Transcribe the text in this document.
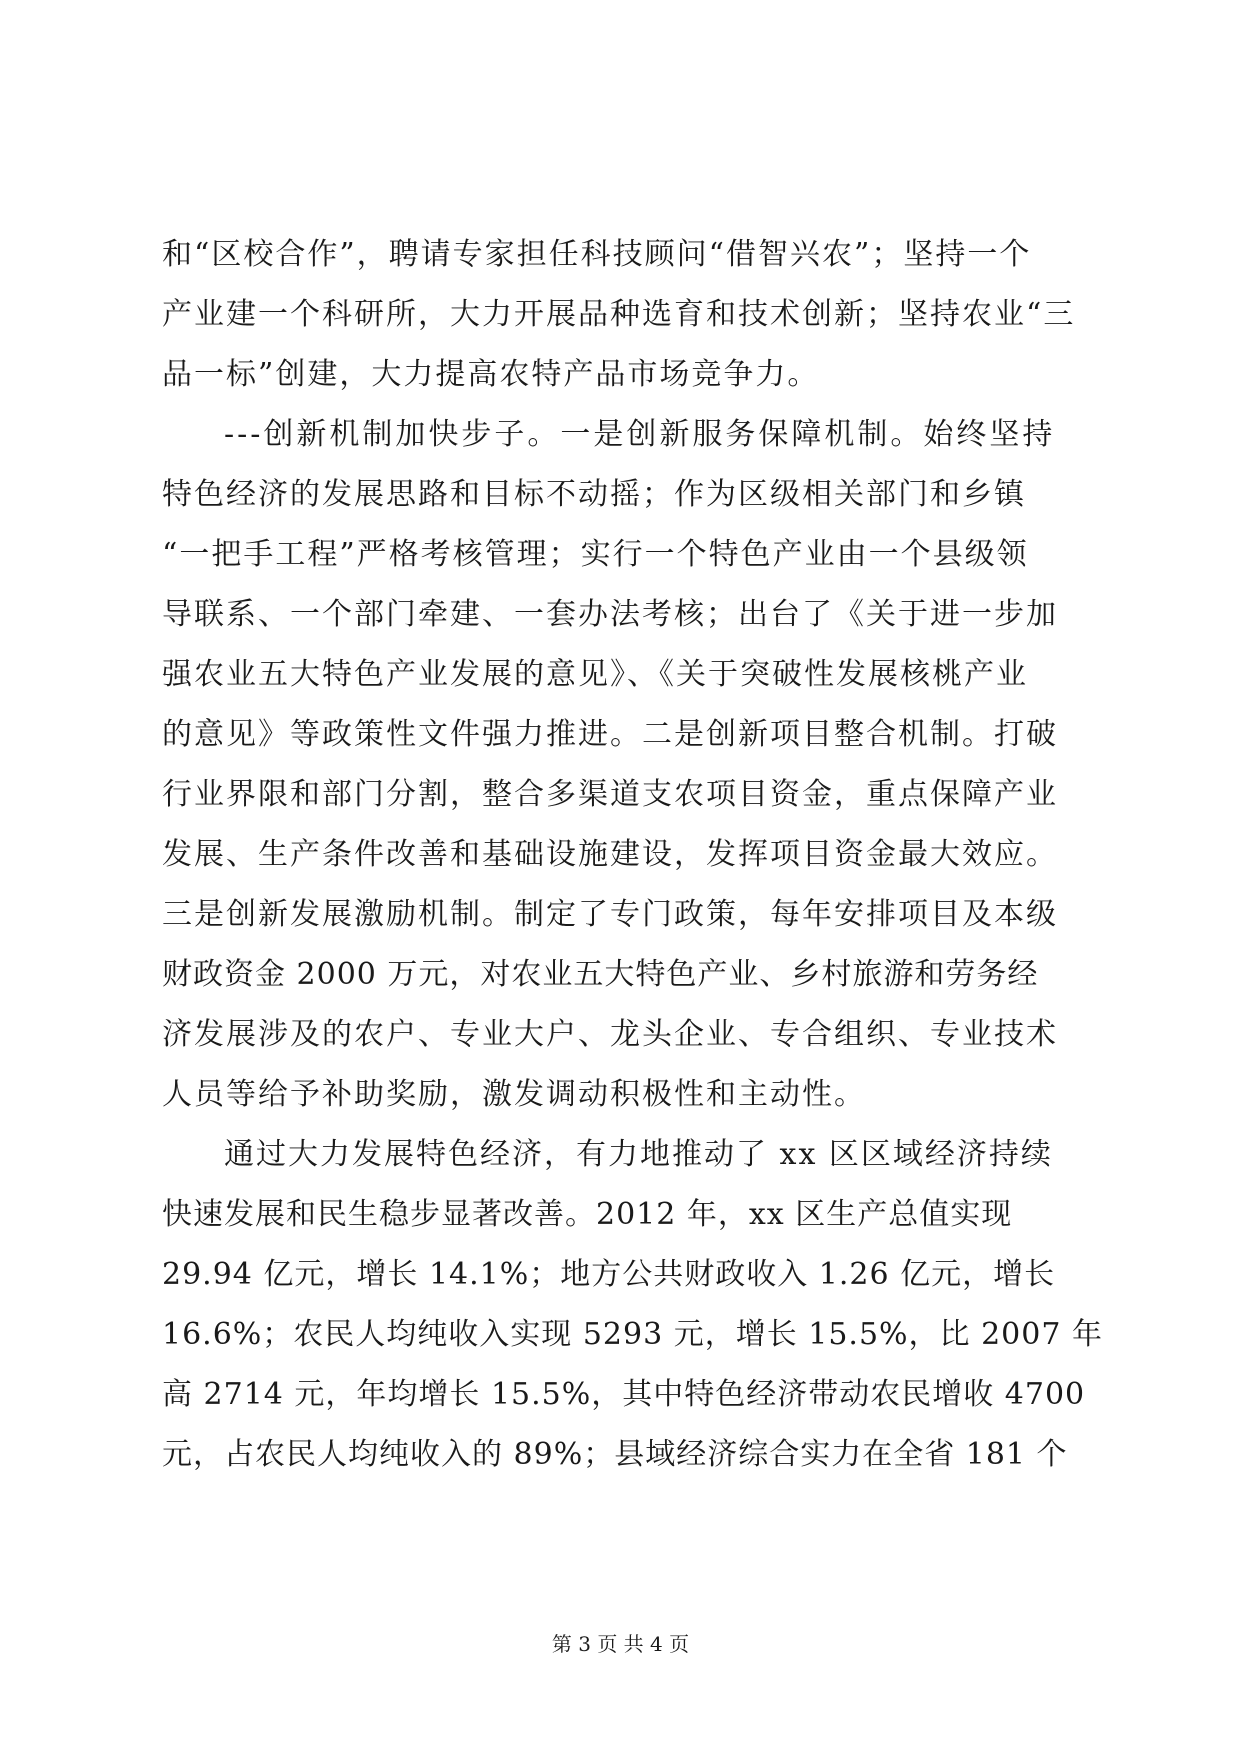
和“区校合作”，聘请专家担任科技顾问“借智兴农”；坚持一个
产业建一个科研所，大力开展品种选育和技术创新；坚持农业“三
品一标”创建，大力提高农特产品市场竞争力。
---创新机制加快步子。一是创新服务保障机制。始终坚持
特色经济的发展思路和目标不动摇；作为区级相关部门和乡镇
“一把手工程”严格考核管理；实行一个特色产业由一个县级领
导联系、一个部门牵建、一套办法考核；出台了《关于进一步加
强农业五大特色产业发展的意见》、《关于突破性发展核桃产业
的意见》等政策性文件强力推进。二是创新项目整合机制。打破
行业界限和部门分割，整合多渠道支农项目资金，重点保障产业
发展、生产条件改善和基础设施建设，发挥项目资金最大效应。
三是创新发展激励机制。制定了专门政策，每年安排项目及本级
财政资金 2000 万元，对农业五大特色产业、乡村旅游和劳务经
济发展涉及的农户、专业大户、龙头企业、专合组织、专业技术
人员等给予补助奖励，激发调动积极性和主动性。
通过大力发展特色经济，有力地推动了 xx 区区域经济持续
快速发展和民生稳步显著改善。2012 年，xx 区生产总值实现
29.94 亿元，增长 14.1%；地方公共财政收入 1.26 亿元，增长
16.6%；农民人均纯收入实现 5293 元，增长 15.5%，比 2007 年
高 2714 元，年均增长 15.5%，其中特色经济带动农民增收 4700
元，占农民人均纯收入的 89%；县域经济综合实力在全省 181 个
第 3 页 共 4 页
